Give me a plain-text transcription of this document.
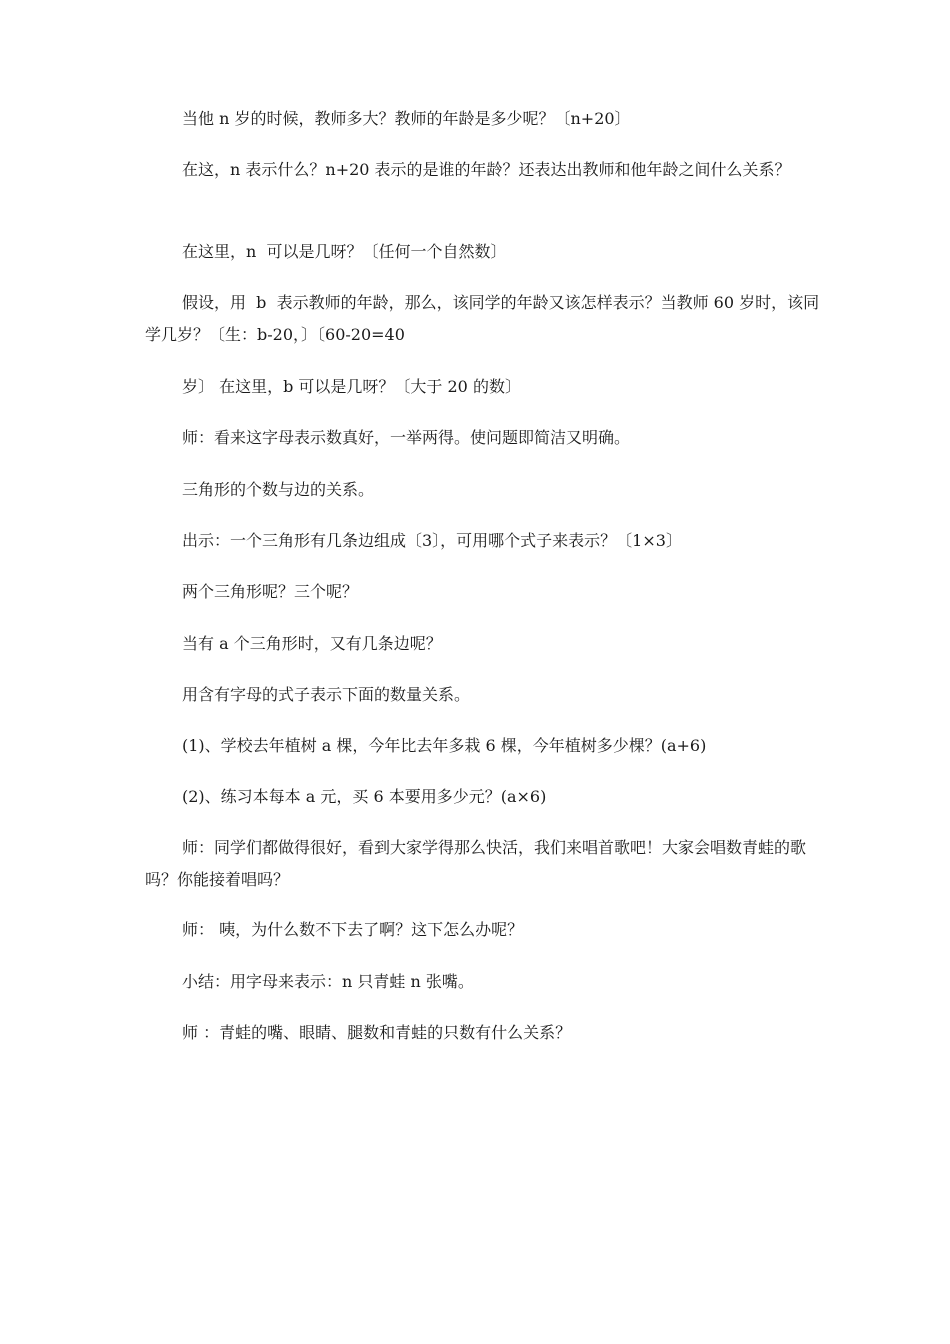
当他 n 岁的时候，教师多大？教师的年龄是多少呢？〔n+20〕

在这，n 表示什么？n+20 表示的是谁的年龄？还表达出教师和他年龄之间什么关系？

在这里，n  可以是几呀？〔任何一个自然数〕

假设，用  b  表示教师的年龄，那么，该同学的年龄又该怎样表示？当教师 60 岁时，该同学几岁？〔生：b-20，〕〔60-20=40

岁〕 在这里，b 可以是几呀？〔大于 20 的数〕

师：看来这字母表示数真好，一举两得。使问题即简洁又明确。

三角形的个数与边的关系。

出示：一个三角形有几条边组成〔3〕，可用哪个式子来表示？〔1×3〕

两个三角形呢？三个呢？

当有 a 个三角形时，又有几条边呢？

用含有字母的式子表示下面的数量关系。

(1)、学校去年植树 a 棵，今年比去年多栽 6 棵，今年植树多少棵？(a+6)

(2)、练习本每本 a 元，买 6 本要用多少元？(a×6)

师：同学们都做得很好，看到大家学得那么快活，我们来唱首歌吧！大家会唱数青蛙的歌吗？你能接着唱吗？

师： 咦，为什么数不下去了啊？这下怎么办呢？

小结：用字母来表示：n 只青蛙 n 张嘴。

师 ：青蛙的嘴、眼睛、腿数和青蛙的只数有什么关系？
